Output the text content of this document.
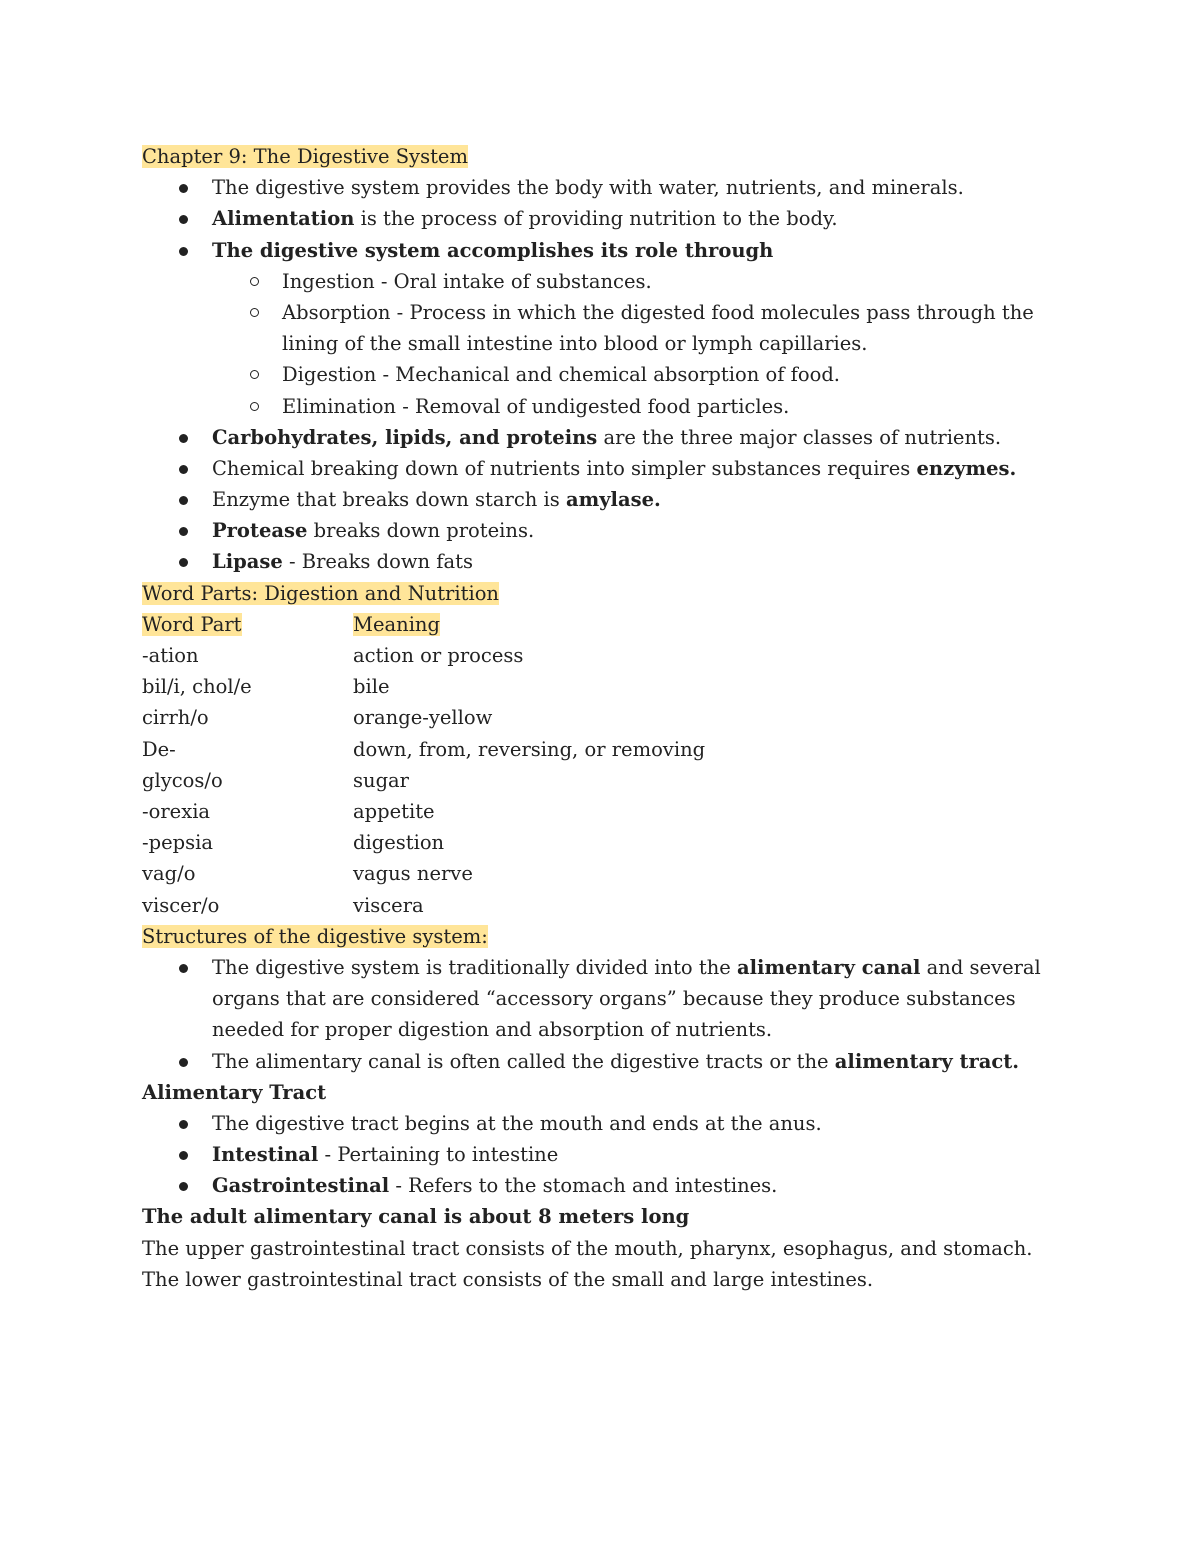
Chapter 9: The Digestive System
The digestive system provides the body with water, nutrients, and minerals.
Alimentation is the process of providing nutrition to the body.
The digestive system accomplishes its role through
Ingestion - Oral intake of substances.
Absorption - Process in which the digested food molecules pass through the lining of the small intestine into blood or lymph capillaries.
Digestion - Mechanical and chemical absorption of food.
Elimination - Removal of undigested food particles.
Carbohydrates, lipids, and proteins are the three major classes of nutrients.
Chemical breaking down of nutrients into simpler substances requires enzymes.
Enzyme that breaks down starch is amylase.
Protease breaks down proteins.
Lipase - Breaks down fats
Word Parts: Digestion and Nutrition
Word Part	Meaning
-ation	action or process
bil/i, chol/e	bile
cirrh/o	orange-yellow
De-	down, from, reversing, or removing
glycos/o	sugar
-orexia	appetite
-pepsia	digestion
vag/o	vagus nerve
viscer/o	viscera
Structures of the digestive system:
The digestive system is traditionally divided into the alimentary canal and several organs that are considered “accessory organs” because they produce substances needed for proper digestion and absorption of nutrients.
The alimentary canal is often called the digestive tracts or the alimentary tract.
Alimentary Tract
The digestive tract begins at the mouth and ends at the anus.
Intestinal - Pertaining to intestine
Gastrointestinal - Refers to the stomach and intestines.
The adult alimentary canal is about 8 meters long
The upper gastrointestinal tract consists of the mouth, pharynx, esophagus, and stomach. The lower gastrointestinal tract consists of the small and large intestines.
